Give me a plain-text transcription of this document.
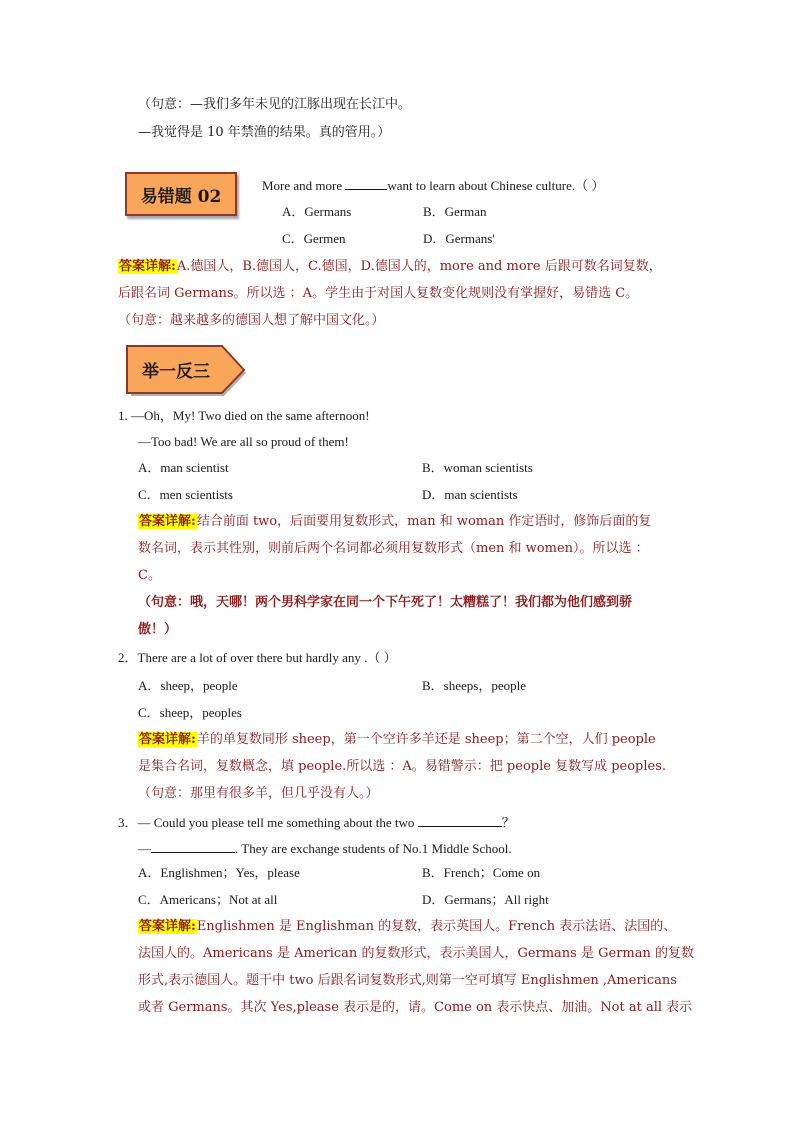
（句意：—我们多年未见的江豚出现在长江中。
—我觉得是 10 年禁渔的结果。真的管用。）
易错题 02
More and more	want to learn about Chinese culture.（ ）
A．Germans	B．German
C．Germen	D．Germans'
答案详解:A.德国人，B.德国人，C.德国，D.德国人的，more and more 后跟可数名词复数，
后跟名词 Germans。所以选 ：A。学生由于对国人复数变化规则没有掌握好，易错选 C。
（句意：越来越多的德国人想了解中国文化。）
举一反三
1. —Oh，My! Two died on the same afternoon!
—Too bad! We are all so proud of them!
A．man scientist	B．woman scientists
C．men scientists	D．man scientists
答案详解:结合前面 two，后面要用复数形式，man 和 woman 作定语时，修饰后面的复
数名词，表示其性别，则前后两个名词都必须用复数形式（men 和 women）。所以选 ：
C。
（句意：哦，天哪！两个男科学家在同一个下午死了！太糟糕了！我们都为他们感到骄
傲！）
2．There are a lot of over there but hardly any .（ ）
A．sheep，people	B．sheeps，people
C．sheep，peoples
答案详解:羊的单复数同形 sheep，第一个空许多羊还是 sheep；第二个空，人们 people
是集合名词，复数概念，填 people.所以选 ：A。易错警示：把 people 复数写成 peoples.
（句意：那里有很多羊，但几乎没有人。）
3．— Could you please tell me something about the two	？
—	. They are exchange students of No.1 Middle School.
A．Englishmen；Yes，please	B．French；Come on
C．Americans；Not at all	D．Germans；All right
答案详解:Englishmen 是 Englishman 的复数，表示英国人。French 表示法语、法国的、
法国人的。Americans 是 American 的复数形式，表示美国人，Germans 是 German 的复数
形式,表示德国人。题干中 two 后跟名词复数形式,则第一空可填写 Englishmen ,Americans
或者 Germans。其次 Yes,please 表示是的，请。Come on 表示快点、加油。Not at all 表示
